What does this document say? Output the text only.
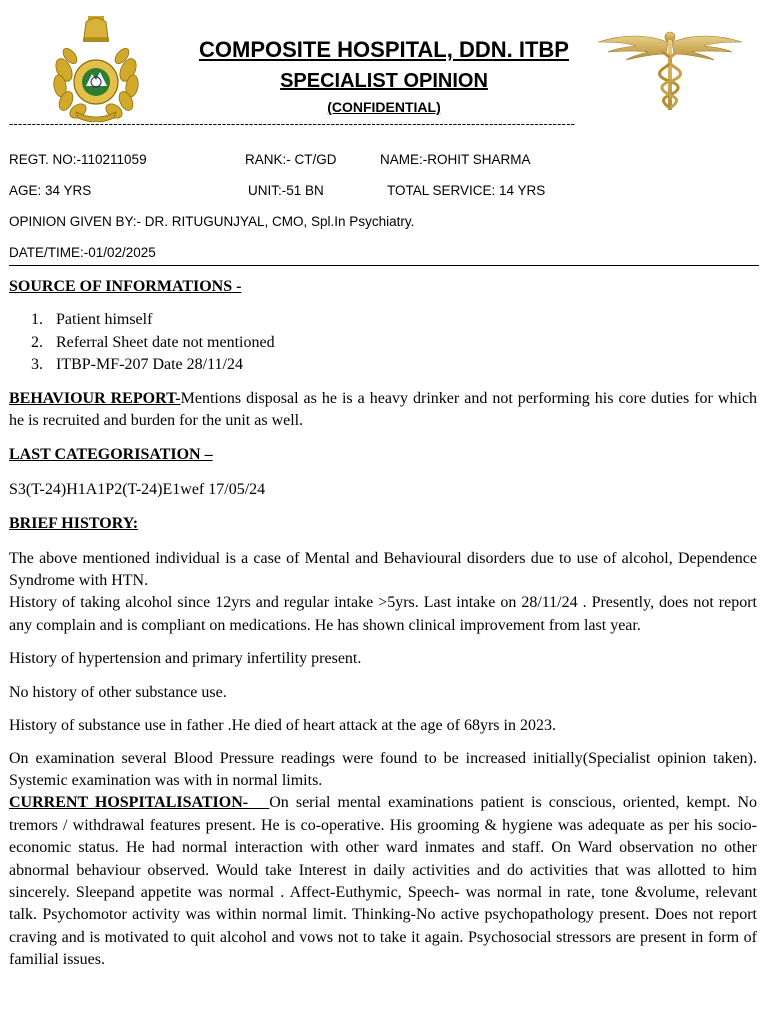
COMPOSITE HOSPITAL, DDN. ITBP
SPECIALIST OPINION
(CONFIDENTIAL)
-----------------------------------------------------------------------------------------------------------------------------
REGT. NO:-110211059	RANK:- CT/GD	NAME:-ROHIT SHARMA
AGE: 34 YRS	UNIT:-51 BN	TOTAL SERVICE: 14 YRS
OPINION GIVEN BY:- DR. RITUGUNJYAL, CMO, Spl.In Psychiatry.
DATE/TIME:-01/02/2025

SOURCE OF INFORMATIONS -

1. Patient himself
2. Referral Sheet date not mentioned
3. ITBP-MF-207 Date 28/11/24

BEHAVIOUR REPORT-Mentions disposal as he is a heavy drinker and not performing his core duties for which he is recruited and burden for the unit as well.

LAST CATEGORISATION –

S3(T-24)H1A1P2(T-24)E1wef 17/05/24

BRIEF HISTORY:

The above mentioned individual is a case of Mental and Behavioural disorders due to use of alcohol, Dependence Syndrome with HTN.

History of taking alcohol since 12yrs and regular intake >5yrs. Last intake on 28/11/24 . Presently, does not report any complain and is compliant on medications. He has shown clinical improvement from last year.

History of hypertension and primary infertility present.

No history of other substance use.

History of substance use in father .He died of heart attack at the age of 68yrs in 2023.

On examination several Blood Pressure readings were found to be increased initially(Specialist opinion taken). Systemic examination was with in normal limits.

CURRENT HOSPITALISATION-   On serial mental examinations patient is conscious, oriented, kempt. No tremors / withdrawal features present. He is co-operative. His grooming & hygiene was adequate as per his socio-economic status. He had normal interaction with other ward inmates and staff. On Ward observation no other abnormal behaviour observed. Would take Interest in daily activities and do activities that was allotted to him sincerely. Sleepand appetite was normal . Affect-Euthymic, Speech- was normal in rate, tone &volume, relevant talk. Psychomotor activity was within normal limit. Thinking-No active psychopathology present. Does not report craving and is motivated to quit alcohol and vows not to take it again. Psychosocial stressors are present in form of familial issues.
